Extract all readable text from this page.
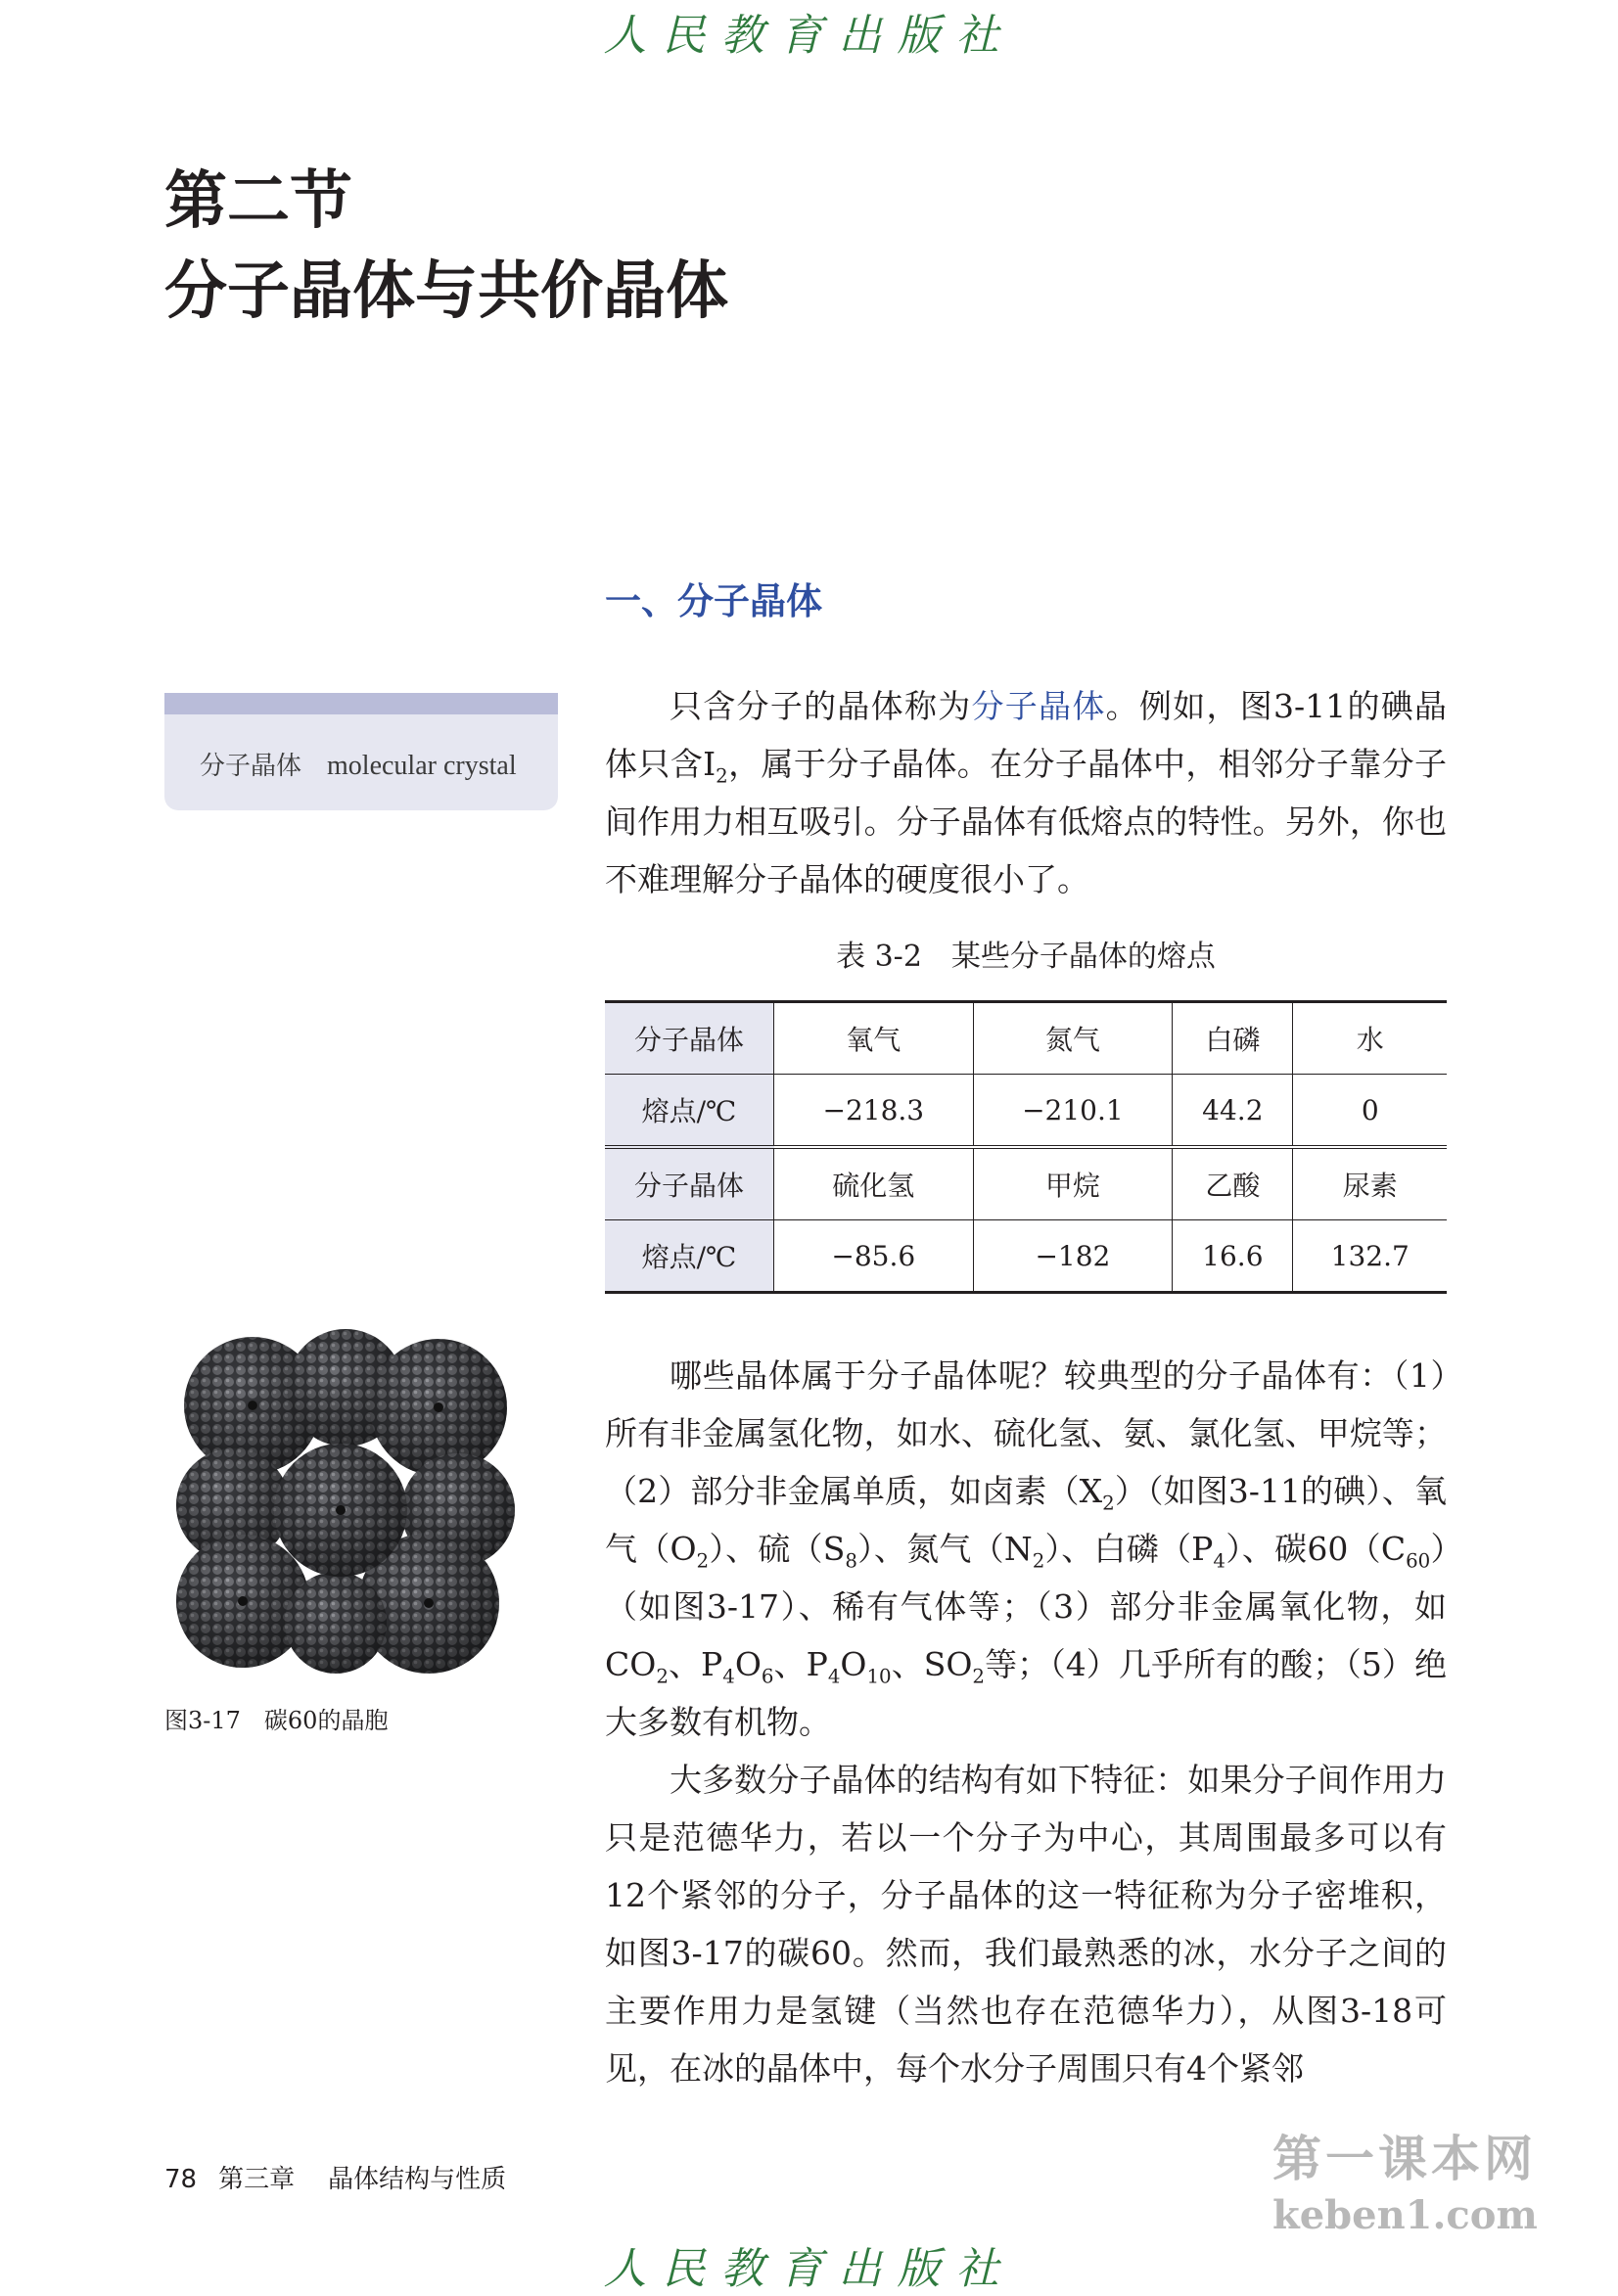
人民教育出版社
第二节
分子晶体与共价晶体
一、分子晶体
分子晶体 molecular crystal

只含分子的晶体称为分子晶体。例如，图3-11的碘晶体只含$I_2$，属于分子晶体。在分子晶体中，相邻分子靠分子间作用力相互吸引。分子晶体有低熔点的特性。另外，你也不难理解分子晶体的硬度很小了。

表 3-2　某些分子晶体的熔点
分子晶体	氧气	氮气	白磷	水
熔点/℃	−218.3	−210.1	44.2	0
分子晶体	硫化氢	甲烷	乙酸	尿素
熔点/℃	−85.6	−182	16.6	132.7
图3-17　碳60的晶胞

哪些晶体属于分子晶体呢？较典型的分子晶体有：（1）所有非金属氢化物，如水、硫化氢、氨、氯化氢、甲烷等；（2）部分非金属单质，如卤素$(X_2)$（如图3-11的碘）、氧气$(O_2)$、硫$(S_8)$、氮气$(N_2)$、白磷$(P_4)$、碳$60(C_{60})$（如图3-17）、稀有气体等；（3）部分非金属氧化物，如$CO_2$、$P_4O_6$、$P_4O_{10}$、$SO_2$等；（4）几乎所有的酸；（5）绝大多数有机物。

大多数分子晶体的结构有如下特征：如果分子间作用力只是范德华力，若以一个分子为中心，其周围最多可以有12个紧邻的分子，分子晶体的这一特征称为分子密堆积，如图3-17的碳60。然而，我们最熟悉的冰，水分子之间的主要作用力是氢键（当然也存在范德华力），从图3-18可见，在冰的晶体中，每个水分子周围只有4个紧邻

78 第三章 晶体结构与性质	第一课本网
keben1.com
人民教育出版社
